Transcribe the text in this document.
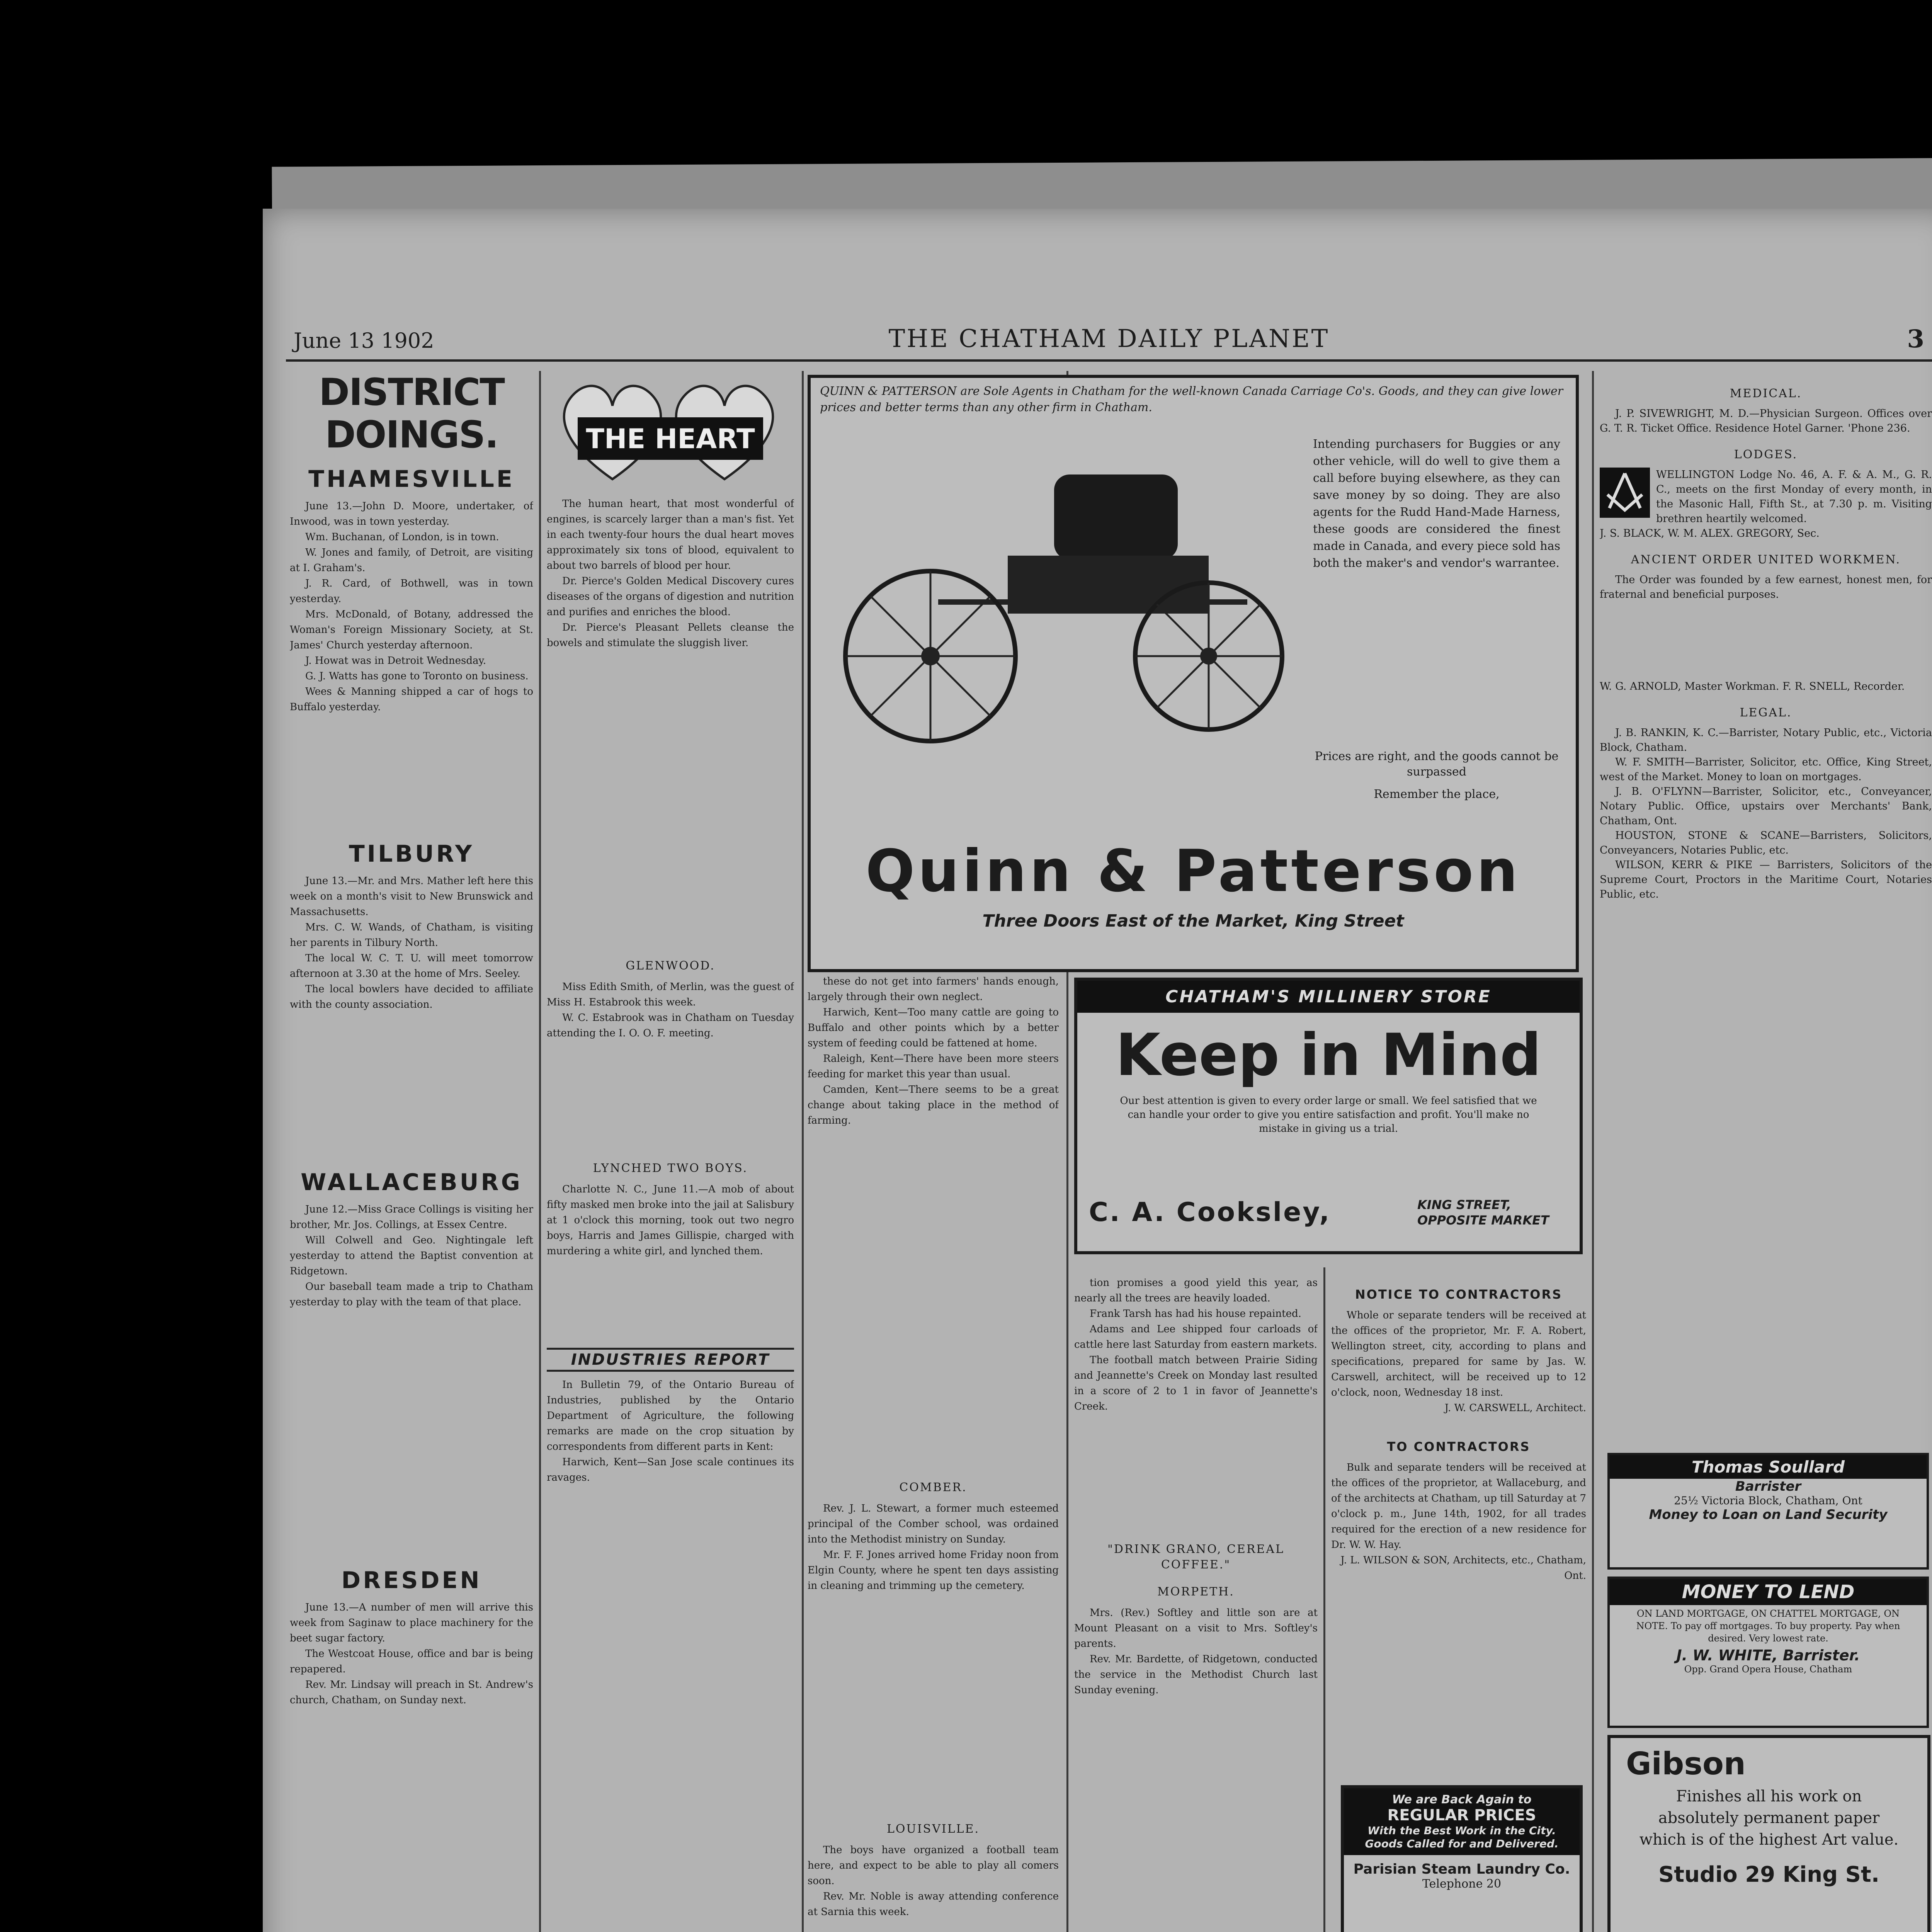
June 13 1902	THE CHATHAM DAILY PLANET	3
DISTRICT DOINGS.
THAMESVILLE

June 13.—John D. Moore, undertaker, of Inwood, was in town yesterday.

Wm. Buchanan, of London, is in town.

W. Jones and family, of Detroit, are visiting at I. Graham's.

J. R. Card, of Bothwell, was in town yesterday.

Mrs. McDonald, of Botany, addressed the Woman's Foreign Missionary Society, at St. James' Church yesterday afternoon.

J. Howat was in Detroit Wednesday.

G. J. Watts has gone to Toronto on business.

Wees & Manning shipped a car of hogs to Buffalo yesterday.

TILBURY

June 13.—Mr. and Mrs. Mather left here this week on a month's visit to New Brunswick and Massachusetts.

Mrs. C. W. Wands, of Chatham, is visiting her parents in Tilbury North.

The local W. C. T. U. will meet tomorrow afternoon at 3.30 at the home of Mrs. Seeley.

The local bowlers have decided to affiliate with the county association.

WALLACEBURG

June 12.—Miss Grace Collings is visiting her brother, Mr. Jos. Collings, at Essex Centre.

Will Colwell and Geo. Nightingale left yesterday to attend the Baptist convention at Ridgetown.

Our baseball team made a trip to Chatham yesterday to play with the team of that place.

DRESDEN

June 13.—A number of men will arrive this week from Saginaw to place machinery for the beet sugar factory.

The Westcoat House, office and bar is being repapered.

Rev. Mr. Lindsay will preach in St. Andrew's church, Chatham, on Sunday next.

THE HEART

The human heart, that most wonderful of engines, is scarcely larger than a man's fist. Yet in each twenty-four hours the dual heart moves approximately six tons of blood, equivalent to about two barrels of blood per hour.

Dr. Pierce's Golden Medical Discovery cures diseases of the organs of digestion and nutrition and purifies and enriches the blood.

Dr. Pierce's Pleasant Pellets cleanse the bowels and stimulate the sluggish liver.

GLENWOOD.

Miss Edith Smith, of Merlin, was the guest of Miss H. Estabrook this week.

W. C. Estabrook was in Chatham on Tuesday attending the I. O. O. F. meeting.

LYNCHED TWO BOYS.

Charlotte N. C., June 11.—A mob of about fifty masked men broke into the jail at Salisbury at 1 o'clock this morning, took out two negro boys, Harris and James Gillispie, charged with murdering a white girl, and lynched them.

INDUSTRIES REPORT

In Bulletin 79, of the Ontario Bureau of Industries, published by the Ontario Department of Agriculture, the following remarks are made on the crop situation by correspondents from different parts in Kent:

Harwich, Kent—San Jose scale continues its ravages.

QUINN & PATTERSON are Sole Agents in Chatham for the well-known Canada Carriage Co's. Goods, and they can give lower prices and better terms than any other firm in Chatham.
Intending purchasers for Buggies or any other vehicle, will do well to give them a call before buying elsewhere, as they can save money by so doing. They are also agents for the Rudd Hand-Made Harness, these goods are considered the finest made in Canada, and every piece sold has both the maker's and vendor's warrantee.
Prices are right, and the goods cannot be surpassed
Remember the place,
Quinn & Patterson
Three Doors East of the Market, King Street

these do not get into farmers' hands enough, largely through their own neglect.

Harwich, Kent—Too many cattle are going to Buffalo and other points which by a better system of feeding could be fattened at home.

Raleigh, Kent—There have been more steers feeding for market this year than usual.

Camden, Kent—There seems to be a great change about taking place in the method of farming.

COMBER.

Rev. J. L. Stewart, a former much esteemed principal of the Comber school, was ordained into the Methodist ministry on Sunday.

Mr. F. F. Jones arrived home Friday noon from Elgin County, where he spent ten days assisting in cleaning and trimming up the cemetery.

LOUISVILLE.

The boys have organized a football team here, and expect to be able to play all comers soon.

Rev. Mr. Noble is away attending conference at Sarnia this week.

CHATHAM'S MILLINERY STORE
Keep in Mind
Our best attention is given to every order large or small. We feel satisfied that we can handle your order to give you entire satisfaction and profit. You'll make no mistake in giving us a trial.
C. A. Cooksley,	KING STREET, OPPOSITE MARKET

tion promises a good yield this year, as nearly all the trees are heavily loaded.

Frank Tarsh has had his house repainted.

Adams and Lee shipped four carloads of cattle here last Saturday from eastern markets.

The football match between Prairie Siding and Jeannette's Creek on Monday last resulted in a score of 2 to 1 in favor of Jeannette's Creek.

"DRINK GRANO, CEREAL COFFEE."
MORPETH.

Mrs. (Rev.) Softley and little son are at Mount Pleasant on a visit to Mrs. Softley's parents.

Rev. Mr. Bardette, of Ridgetown, conducted the service in the Methodist Church last Sunday evening.

NOTICE TO CONTRACTORS

Whole or separate tenders will be received at the offices of the proprietor, Mr. F. A. Robert, Wellington street, city, according to plans and specifications, prepared for same by Jas. W. Carswell, architect, will be received up to 12 o'clock, noon, Wednesday 18 inst.

J. W. CARSWELL, Architect.
TO CONTRACTORS

Bulk and separate tenders will be received at the offices of the proprietor, at Wallaceburg, and of the architects at Chatham, up till Saturday at 7 o'clock p. m., June 14th, 1902, for all trades required for the erection of a new residence for Dr. W. W. Hay.

J. L. WILSON & SON, Architects, etc., Chatham, Ont.
We are Back Again to
REGULAR PRICES
With the Best Work in the City. Goods Called for and Delivered.
Parisian Steam Laundry Co.
Telephone 20
MEDICAL.

J. P. SIVEWRIGHT, M. D.—Physician Surgeon. Offices over G. T. R. Ticket Office. Residence Hotel Garner. 'Phone 236.

LODGES.

WELLINGTON Lodge No. 46, A. F. & A. M., G. R. C., meets on the first Monday of every month, in the Masonic Hall, Fifth St., at 7.30 p. m. Visiting brethren heartily welcomed.

J. S. BLACK, W. M. ALEX. GREGORY, Sec.
ANCIENT ORDER UNITED WORKMEN.

The Order was founded by a few earnest, honest men, for fraternal and beneficial purposes.

W. G. ARNOLD, Master Workman. F. R. SNELL, Recorder.
LEGAL.

J. B. RANKIN, K. C.—Barrister, Notary Public, etc., Victoria Block, Chatham.

W. F. SMITH—Barrister, Solicitor, etc. Office, King Street, west of the Market. Money to loan on mortgages.

J. B. O'FLYNN—Barrister, Solicitor, etc., Conveyancer, Notary Public. Office, upstairs over Merchants' Bank, Chatham, Ont.

HOUSTON, STONE & SCANE—Barristers, Solicitors, Conveyancers, Notaries Public, etc.

WILSON, KERR & PIKE — Barristers, Solicitors of the Supreme Court, Proctors in the Maritime Court, Notaries Public, etc.

Thomas Soullard
Barrister
25½ Victoria Block, Chatham, Ont
Money to Loan on Land Security
MONEY TO LEND
ON LAND MORTGAGE, ON CHATTEL MORTGAGE, ON NOTE. To pay off mortgages. To buy property. Pay when desired. Very lowest rate.
J. W. WHITE, Barrister.
Opp. Grand Opera House, Chatham
Gibson
Finishes all his work on absolutely permanent paper which is of the highest Art value.
Studio 29 King St.
